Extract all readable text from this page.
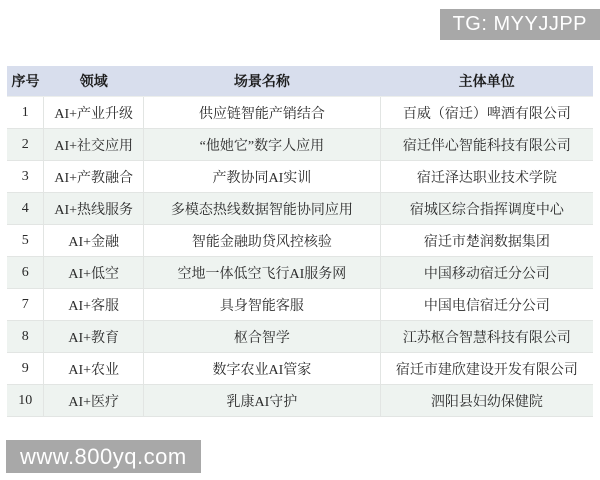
TG: MYYJJPP
序号	领域	场景名称	主体单位
1	AI+产业升级	供应链智能产销结合	百威（宿迁）啤酒有限公司
2	AI+社交应用	“他她它”数字人应用	宿迁伴心智能科技有限公司
3	AI+产教融合	产教协同AI实训	宿迁泽达职业技术学院
4	AI+热线服务	多模态热线数据智能协同应用	宿城区综合指挥调度中心
5	AI+金融	智能金融助贷风控核验	宿迁市楚润数据集团
6	AI+低空	空地一体低空飞行AI服务网	中国移动宿迁分公司
7	AI+客服	具身智能客服	中国电信宿迁分公司
8	AI+教育	枢合智学	江苏枢合智慧科技有限公司
9	AI+农业	数字农业AI管家	宿迁市建欣建设开发有限公司
10	AI+医疗	乳康AI守护	泗阳县妇幼保健院
www.800yq.com
